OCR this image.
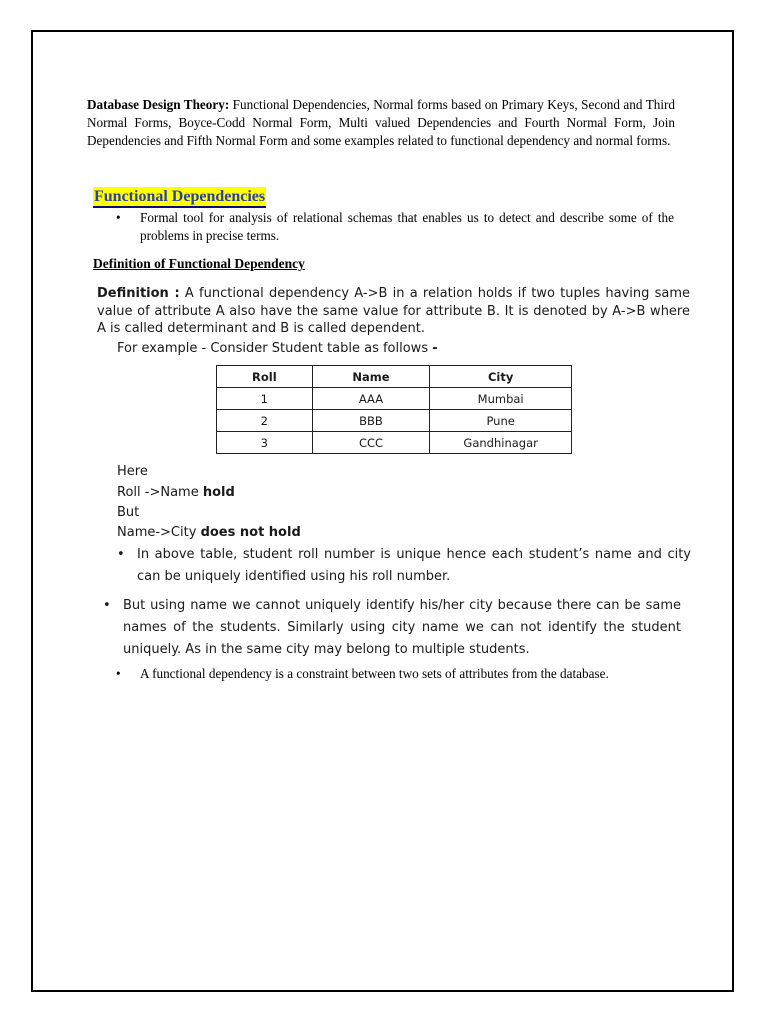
Database Design Theory: Functional Dependencies, Normal forms based on Primary Keys, Second and Third Normal Forms, Boyce-Codd Normal Form, Multi valued Dependencies and Fourth Normal Form, Join Dependencies and Fifth Normal Form and some examples related to functional dependency and normal forms.

Functional Dependencies
•	Formal tool for analysis of relational schemas that enables us to detect and describe some of the problems in precise terms.
Definition of Functional Dependency

Definition : A functional dependency A->B in a relation holds if two tuples having same value of attribute A also have the same value for attribute B. It is denoted by A->B where A is called determinant and B is called dependent.

For example - Consider Student table as follows -
Roll	Name	City
1	AAA	Mumbai
2	BBB	Pune
3	CCC	Gandhinagar
Here
Roll ->Name hold
But
Name->City does not hold
• In above table, student roll number is unique hence each student’s name and city can be uniquely identified using his roll number.
• But using name we cannot uniquely identify his/her city because there can be same names of the students. Similarly using city name we can not identify the student uniquely. As in the same city may belong to multiple students.
•	A functional dependency is a constraint between two sets of attributes from the database.
